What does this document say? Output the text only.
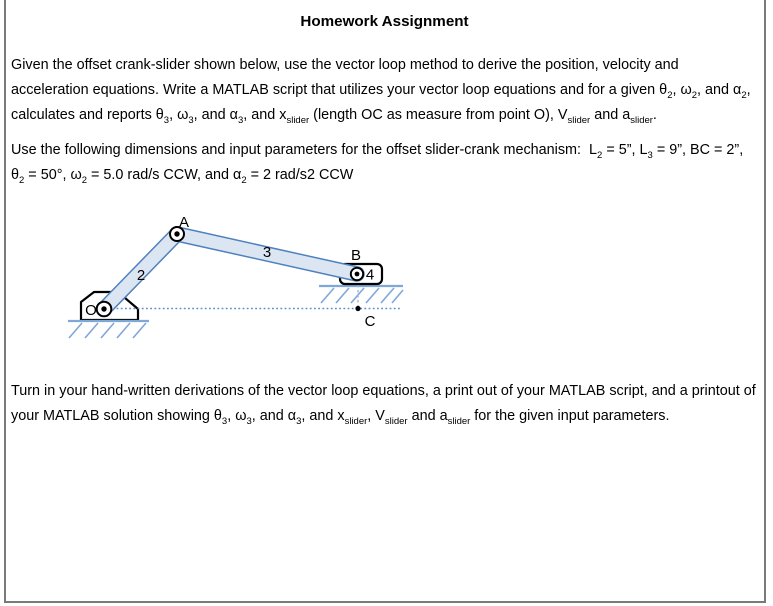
Homework Assignment

Given the offset crank-slider shown below, use the vector loop method to derive the position, velocity and acceleration equations. Write a MATLAB script that utilizes your vector loop equations and for a given $\theta_2$, $\omega_2$, and $\alpha_2$, calculates and reports $\theta_3$, $\omega_3$, and $\alpha_3$, and $x_{slider}$ (length OC as measure from point O), $V_{slider}$ and $a_{slider}$.

Use the following dimensions and input parameters for the offset slider-crank mechanism:  $L_2 = 5$”, $L_3 = 9$”, BC = 2”, $\theta_2 = 50^\circ$, $\omega_2 = 5.0$ rad/s CCW, and $\alpha_2 = 2$ rad/s2 CCW

A
B
O
C
2
3
4

Turn in your hand-written derivations of the vector loop equations, a print out of your MATLAB script, and a printout of your MATLAB solution showing $\theta_3$, $\omega_3$, and $\alpha_3$, and $x_{slider}$, $V_{slider}$ and $a_{slider}$ for the given input parameters.
